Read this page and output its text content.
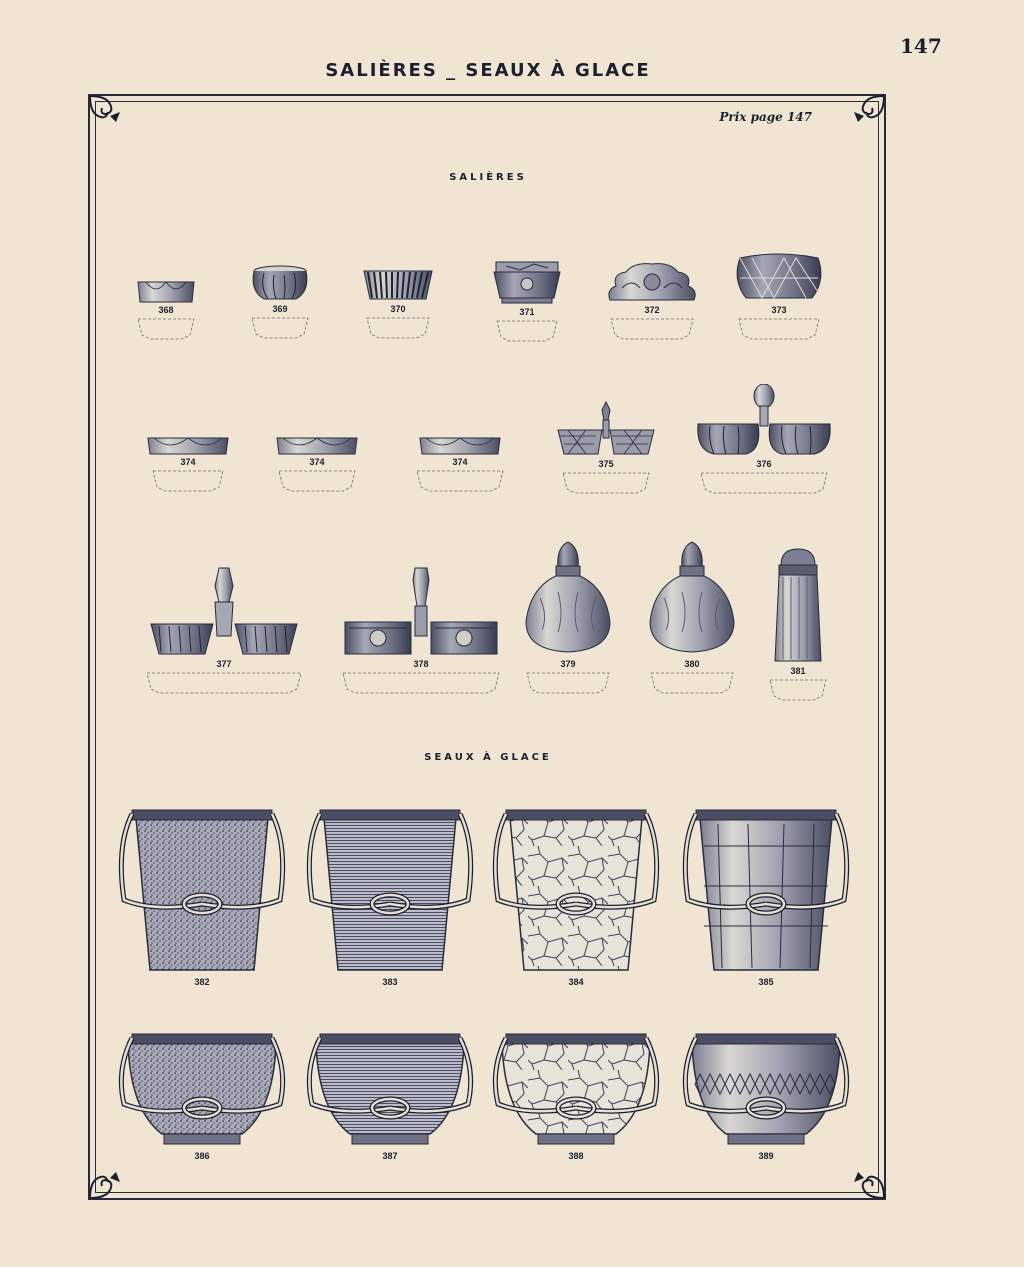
147
SALIÈRES _ SEAUX À GLACE
Prix page 147
SALIÈRES
SEAUX À GLACE
368	369	370	371	372	373
374	374	374	375	376
377	378	379	380
381
382	383	384	385
386	387	388	389
